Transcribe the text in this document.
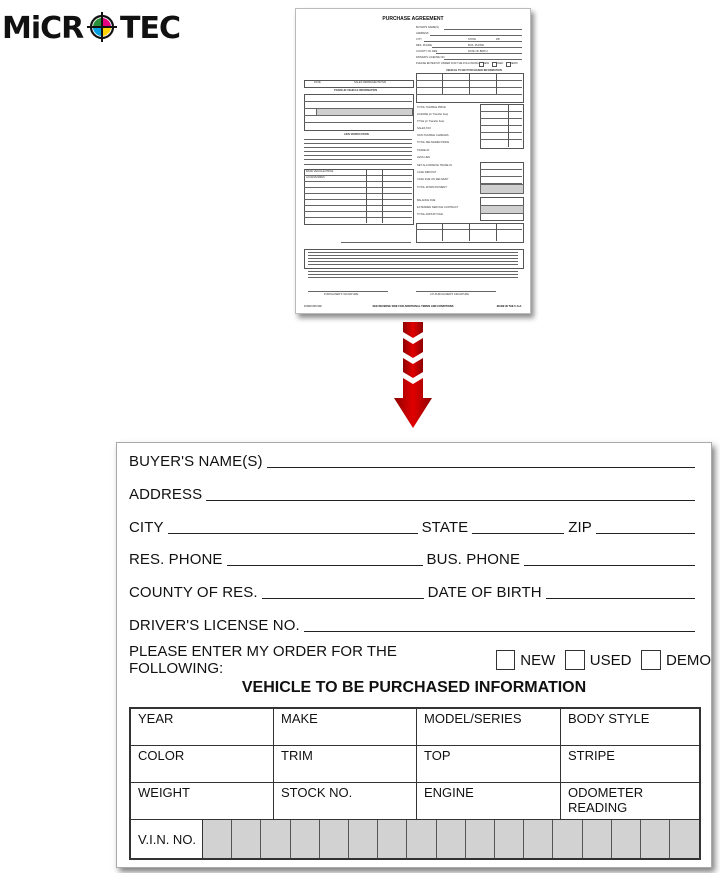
MiCR TEC	PURCHASE AGREEMENT
BUYER'S NAME(S)
ADDRESS
CITY	STATE	ZIP
RES. PHONE	BUS. PHONE
COUNTY OF RES.	DATE OF BIRTH
DRIVER'S LICENSE NO.
PLEASE ENTER MY ORDER FOR THE FOLLOWING: NEW	USED	DEMO
VEHICLE TO BE PURCHASED INFORMATION
DATE	SALES REPRESENTATIVE
TRADE-IN VEHICLE INFORMATION
LIEN VERIFICATION
BASE VEHICLE PRICE
ACCESSORIES
TOTAL TAXABLE PRICE
LICENSE (or Transfer Fee)
TITLE (or Transfer Fee)
SALES TAX
NON-TAXABLE CHARGES
TOTAL DELIVERED PRICE
TRADE-IN
LESS LIEN
NET ALLOWANCE TRADE-IN
CASH DEPOSIT
CASH DUE ON DELIVERY
TOTAL DOWN PAYMENT
BALANCE DUE
EXTENDED SERVICE CONTRACT
TOTAL AMOUNT DUE
PURCHASER'S SIGNATURE	CO-PURCHASER'S SIGNATURE
FORM #PC302	SEE REVERSE SIDE FOR ADDITIONAL TERMS AND CONDITIONS	MADE IN THE U.S.A.
BUYER'S NAME(S)
ADDRESS
CITY	STATE	ZIP
RES. PHONE	BUS. PHONE
COUNTY OF RES.	DATE OF BIRTH
DRIVER'S LICENSE NO.
PLEASE ENTER MY ORDER FOR THE FOLLOWING:	NEW USED DEMO
VEHICLE TO BE PURCHASED INFORMATION
YEAR	MAKE	MODEL/SERIES	BODY STYLE
COLOR	TRIM	TOP	STRIPE
WEIGHT	STOCK NO.	ENGINE	ODOMETER READING
V.I.N. NO.
